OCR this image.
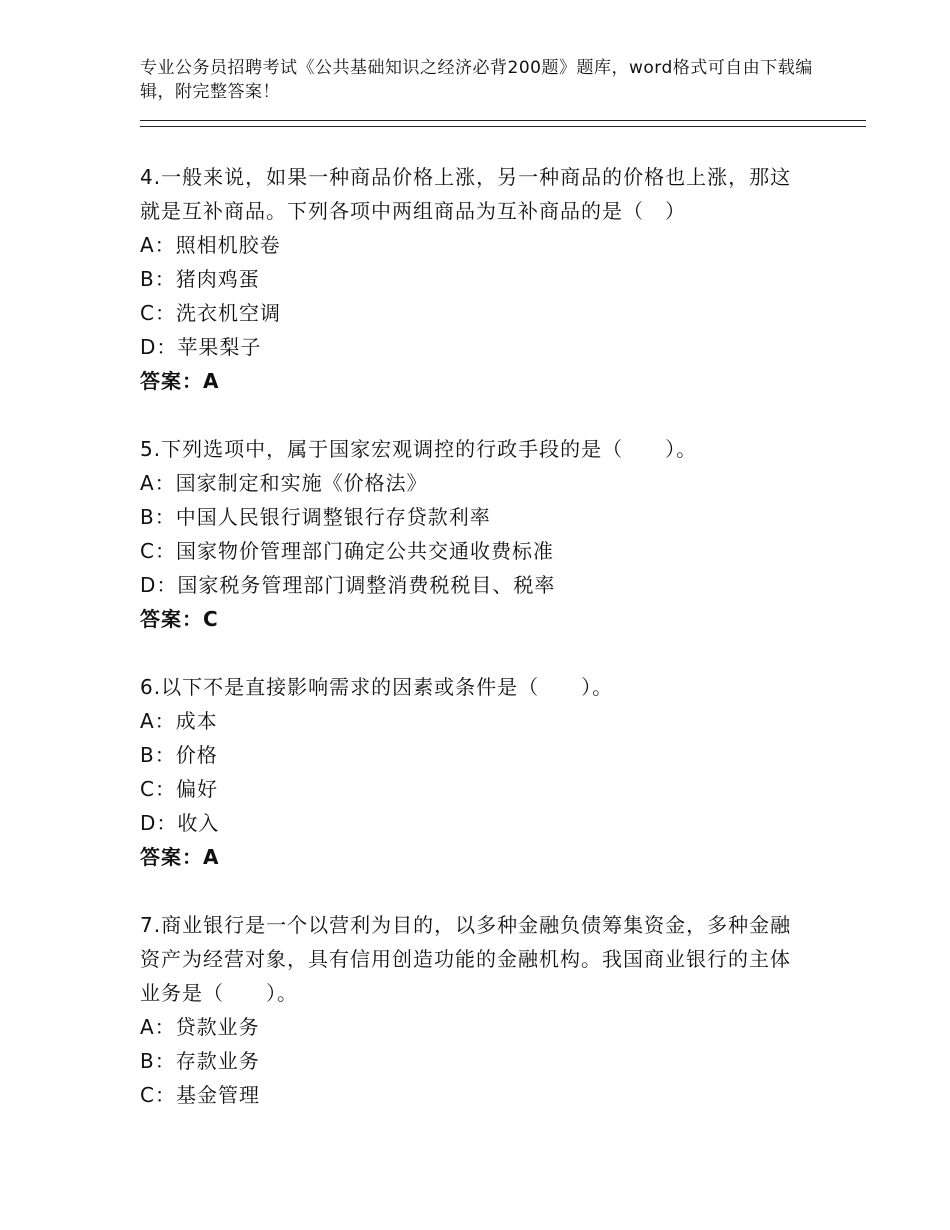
专业公务员招聘考试《公共基础知识之经济必背200题》题库，word格式可自由下载编辑，附完整答案！
4.一般来说，如果一种商品价格上涨，另一种商品的价格也上涨，那这就是互补商品。下列各项中两组商品为互补商品的是（　）
A：照相机胶卷
B：猪肉鸡蛋
C：洗衣机空调
D：苹果梨子
答案：A
5.下列选项中，属于国家宏观调控的行政手段的是（　　）。
A：国家制定和实施《价格法》
B：中国人民银行调整银行存贷款利率
C：国家物价管理部门确定公共交通收费标准
D：国家税务管理部门调整消费税税目、税率
答案：C
6.以下不是直接影响需求的因素或条件是（　　）。
A：成本
B：价格
C：偏好
D：收入
答案：A
7.商业银行是一个以营利为目的，以多种金融负债筹集资金，多种金融资产为经营对象，具有信用创造功能的金融机构。我国商业银行的主体业务是（　　）。
A：贷款业务
B：存款业务
C：基金管理
